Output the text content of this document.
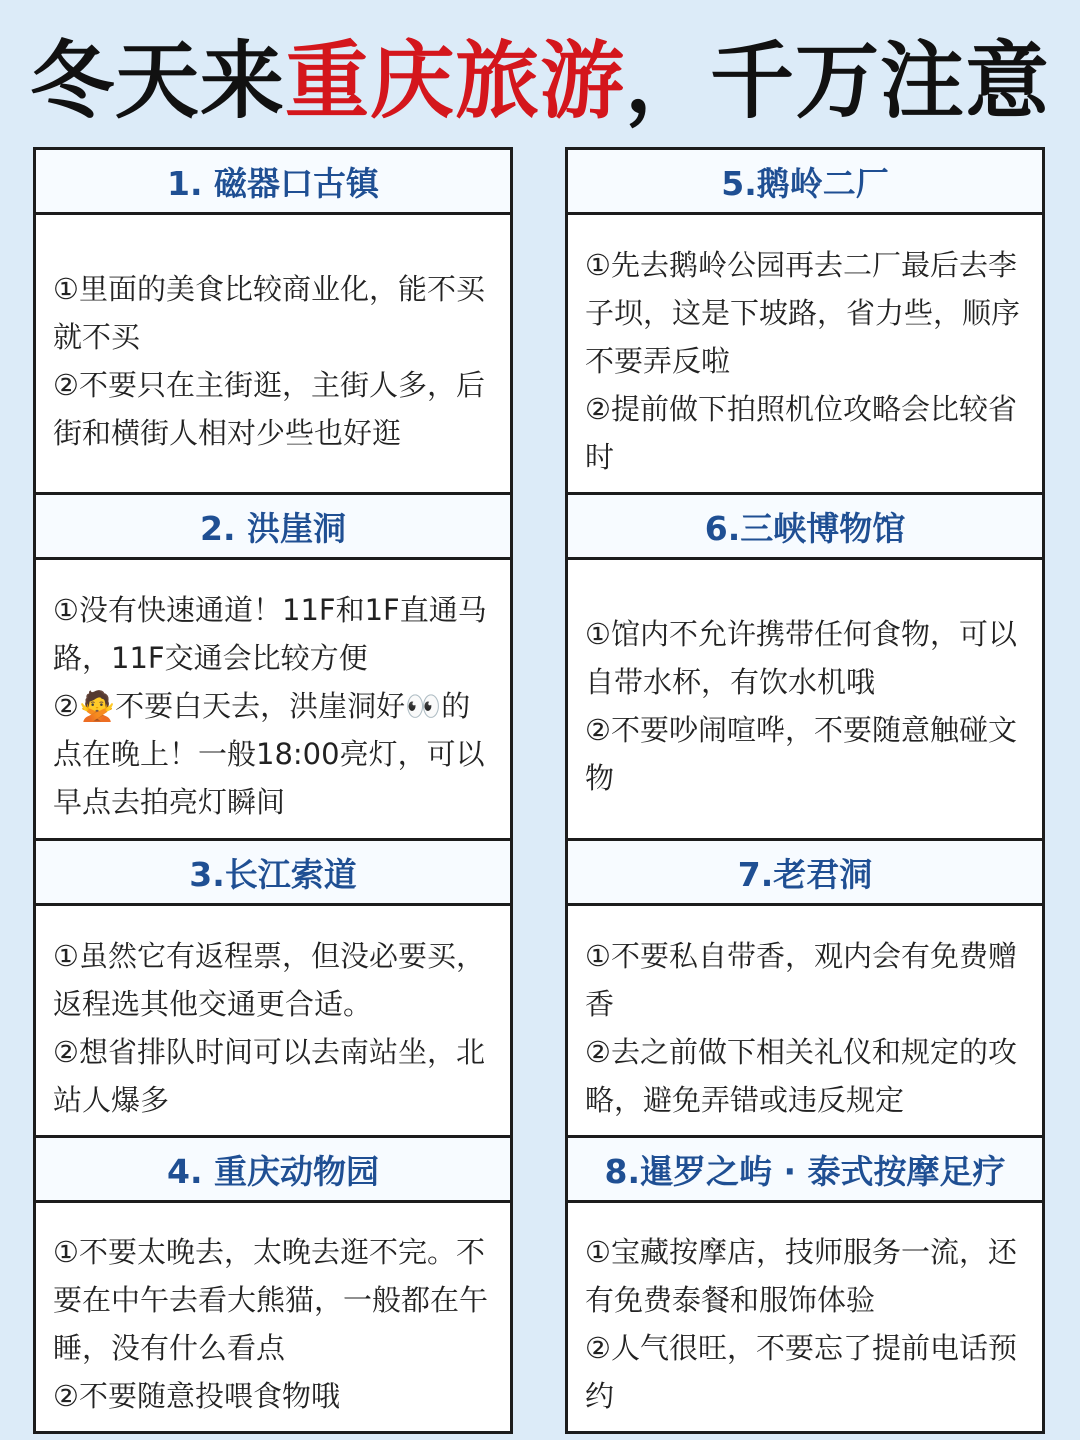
冬天来重庆旅游，千万注意
1. 磁器口古镇

①里面的美食比较商业化，能不买就不买

②不要只在主街逛，主街人多，后街和横街人相对少些也好逛

2. 洪崖洞

①没有快速通道！11F和1F直通马路，11F交通会比较方便

②🙅不要白天去，洪崖洞好👀的点在晚上！一般18:00亮灯，可以早点去拍亮灯瞬间

3.长江索道

①虽然它有返程票，但没必要买，返程选其他交通更合适。

②想省排队时间可以去南站坐，北站人爆多

4. 重庆动物园

①不要太晚去，太晚去逛不完。不要在中午去看大熊猫，一般都在午睡，没有什么看点

②不要随意投喂食物哦

5.鹅岭二厂

①先去鹅岭公园再去二厂最后去李子坝，这是下坡路，省力些，顺序不要弄反啦

②提前做下拍照机位攻略会比较省时

6.三峡博物馆

①馆内不允许携带任何食物，可以自带水杯，有饮水机哦

②不要吵闹喧哗，不要随意触碰文物

7.老君洞

①不要私自带香，观内会有免费赠香

②去之前做下相关礼仪和规定的攻略，避免弄错或违反规定

8.暹罗之屿 · 泰式按摩足疗

①宝藏按摩店，技师服务一流，还有免费泰餐和服饰体验

②人气很旺，不要忘了提前电话预约
